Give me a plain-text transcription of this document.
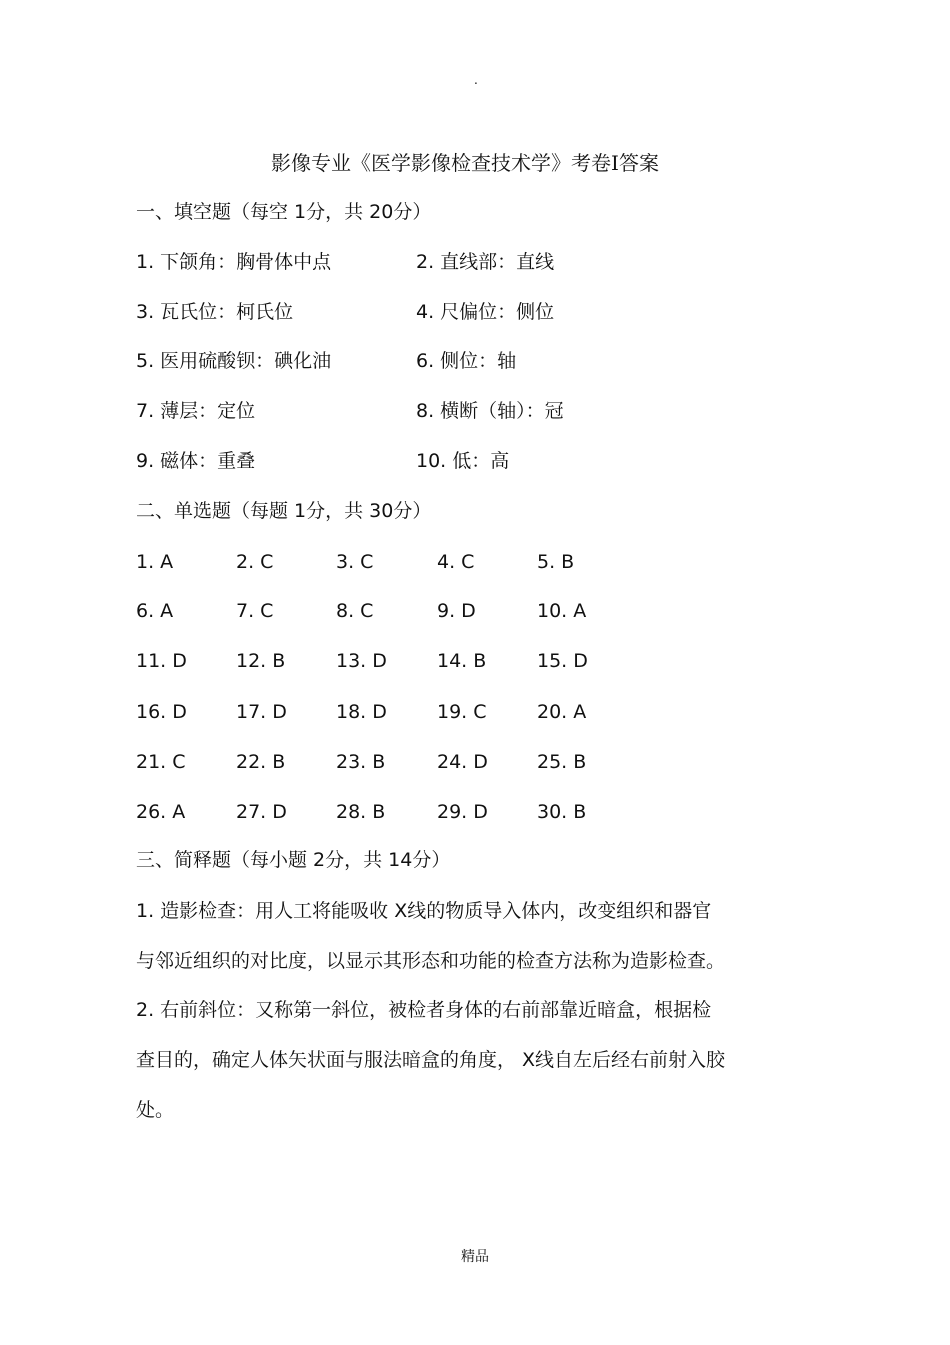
.
影像专业《医学影像检查技术学》考卷Ⅰ答案
一、填空题（每空 1分，共 20分）
1. 下颌角：胸骨体中点	2. 直线部：直线
3. 瓦氏位：柯氏位	4. 尺偏位：侧位
5. 医用硫酸钡：碘化油	6. 侧位：轴
7. 薄层：定位	8. 横断（轴）：冠
9. 磁体：重叠	10. 低：高
二、单选题（每题 1分，共 30分）
1. A	2. C	3. C	4. C	5. B
6. A	7. C	8. C	9. D	10. A
11. D	12. B	13. D	14. B	15. D
16. D	17. D	18. D	19. C	20. A
21. C	22. B	23. B	24. D	25. B
26. A	27. D	28. B	29. D	30. B
三、简释题（每小题 2分，共 14分）
1. 造影检查：用人工将能吸收 X线的物质导入体内，改变组织和器官
与邻近组织的对比度，以显示其形态和功能的检查方法称为造影检查。
2. 右前斜位：又称第一斜位，被检者身体的右前部靠近暗盒，根据检
查目的，确定人体矢状面与服法暗盒的角度， X线自左后经右前射入胶
处。
精品
